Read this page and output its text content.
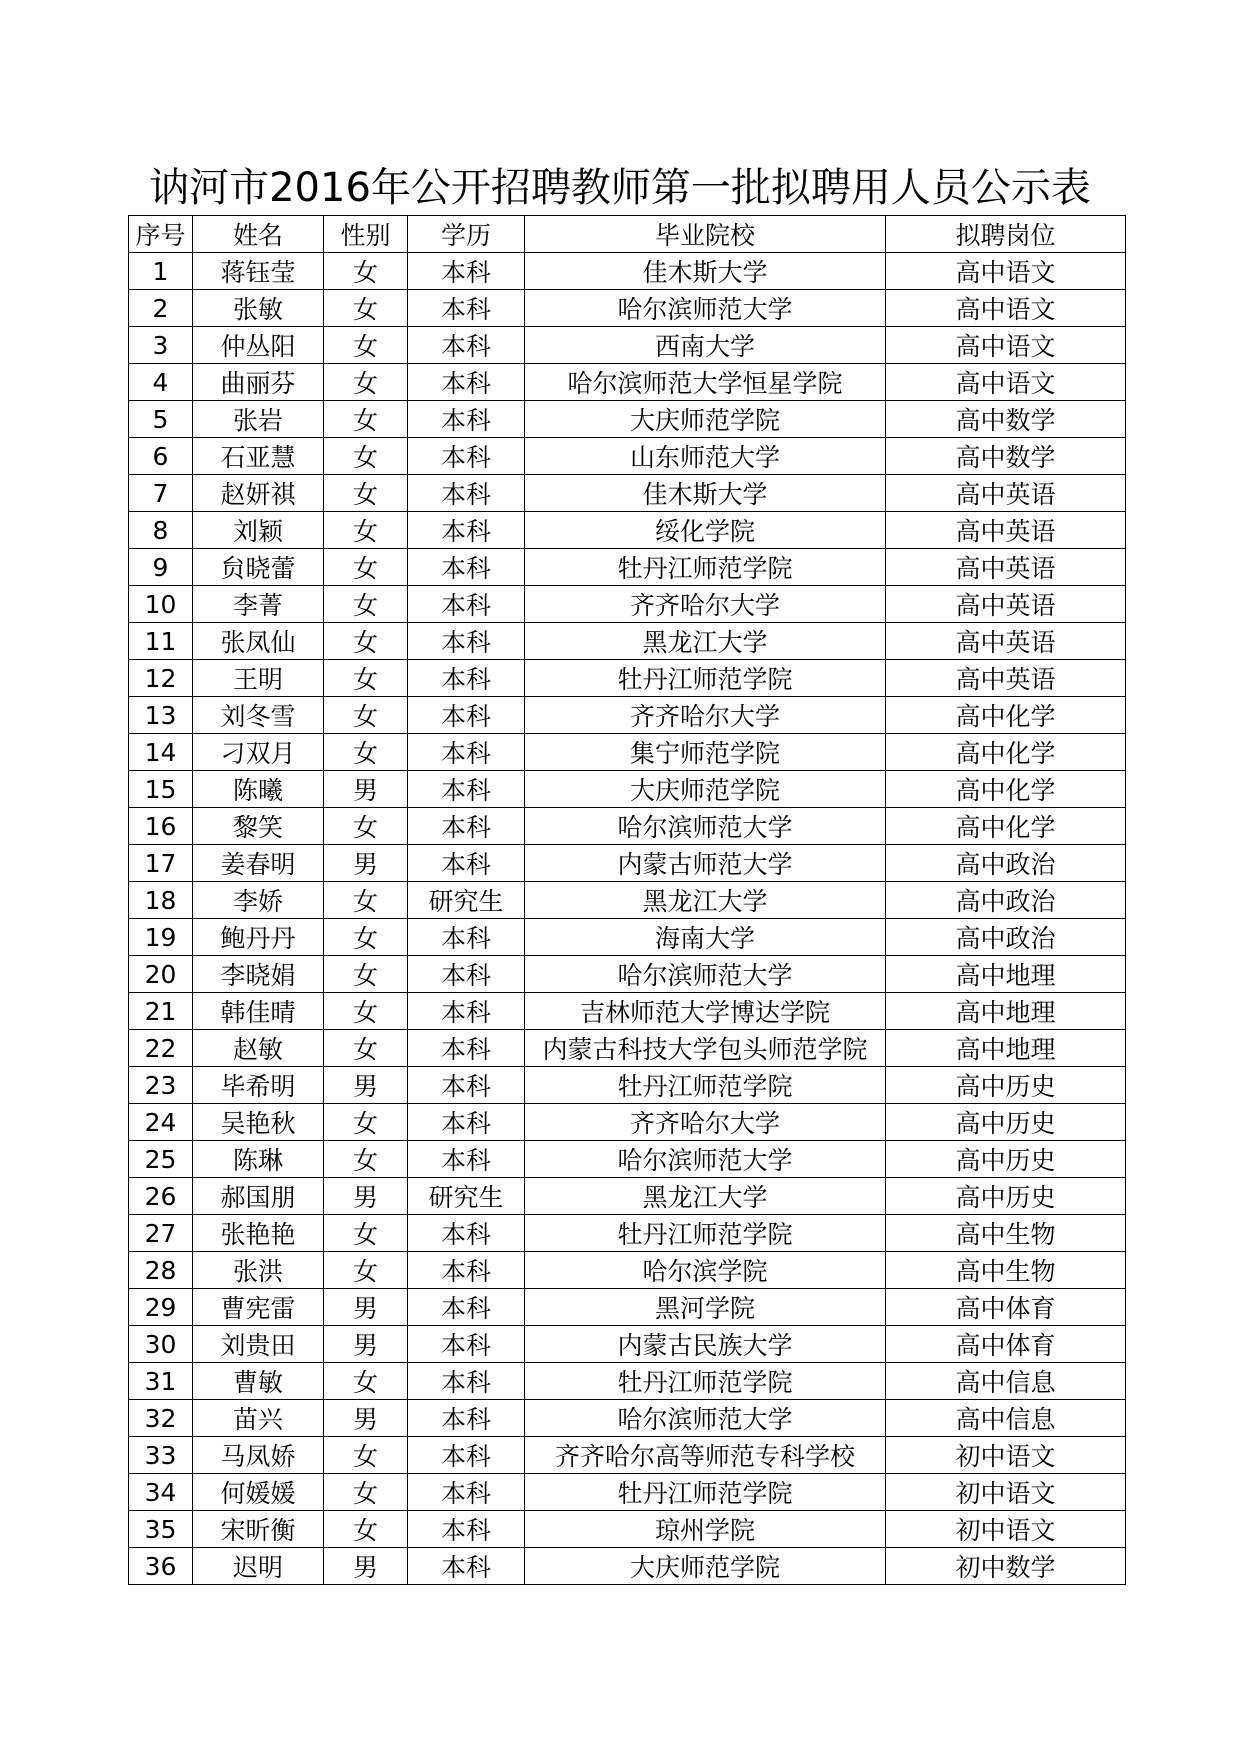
讷河市2016年公开招聘教师第一批拟聘用人员公示表
序号	姓名	性别	学历	毕业院校	拟聘岗位
1	蒋钰莹	女	本科	佳木斯大学	高中语文
2	张敏	女	本科	哈尔滨师范大学	高中语文
3	仲丛阳	女	本科	西南大学	高中语文
4	曲丽芬	女	本科	哈尔滨师范大学恒星学院	高中语文
5	张岩	女	本科	大庆师范学院	高中数学
6	石亚慧	女	本科	山东师范大学	高中数学
7	赵妍祺	女	本科	佳木斯大学	高中英语
8	刘颖	女	本科	绥化学院	高中英语
9	贠晓蕾	女	本科	牡丹江师范学院	高中英语
10	李菁	女	本科	齐齐哈尔大学	高中英语
11	张凤仙	女	本科	黑龙江大学	高中英语
12	王明	女	本科	牡丹江师范学院	高中英语
13	刘冬雪	女	本科	齐齐哈尔大学	高中化学
14	刁双月	女	本科	集宁师范学院	高中化学
15	陈曦	男	本科	大庆师范学院	高中化学
16	黎笑	女	本科	哈尔滨师范大学	高中化学
17	姜春明	男	本科	内蒙古师范大学	高中政治
18	李娇	女	研究生	黑龙江大学	高中政治
19	鲍丹丹	女	本科	海南大学	高中政治
20	李晓娟	女	本科	哈尔滨师范大学	高中地理
21	韩佳晴	女	本科	吉林师范大学博达学院	高中地理
22	赵敏	女	本科	内蒙古科技大学包头师范学院	高中地理
23	毕希明	男	本科	牡丹江师范学院	高中历史
24	吴艳秋	女	本科	齐齐哈尔大学	高中历史
25	陈琳	女	本科	哈尔滨师范大学	高中历史
26	郝国朋	男	研究生	黑龙江大学	高中历史
27	张艳艳	女	本科	牡丹江师范学院	高中生物
28	张洪	女	本科	哈尔滨学院	高中生物
29	曹宪雷	男	本科	黑河学院	高中体育
30	刘贵田	男	本科	内蒙古民族大学	高中体育
31	曹敏	女	本科	牡丹江师范学院	高中信息
32	苗兴	男	本科	哈尔滨师范大学	高中信息
33	马凤娇	女	本科	齐齐哈尔高等师范专科学校	初中语文
34	何媛媛	女	本科	牡丹江师范学院	初中语文
35	宋昕衡	女	本科	琼州学院	初中语文
36	迟明	男	本科	大庆师范学院	初中数学
